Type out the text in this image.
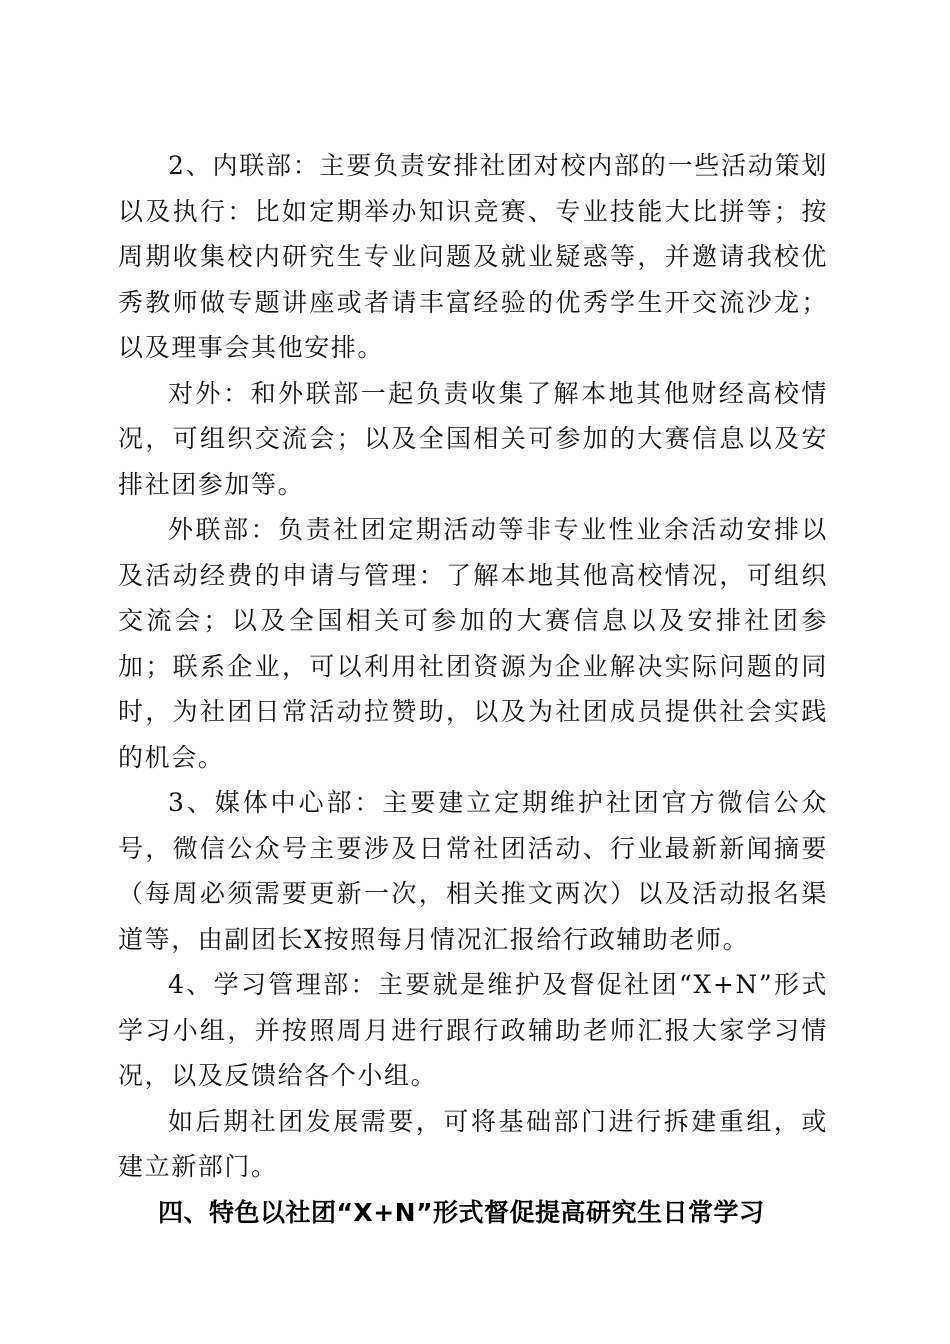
2、内联部：主要负责安排社团对校内部的一些活动策划以及执行：比如定期举办知识竞赛、专业技能大比拼等；按周期收集校内研究生专业问题及就业疑惑等，并邀请我校优秀教师做专题讲座或者请丰富经验的优秀学生开交流沙龙；以及理事会其他安排。

对外：和外联部一起负责收集了解本地其他财经高校情况，可组织交流会；以及全国相关可参加的大赛信息以及安排社团参加等。

外联部：负责社团定期活动等非专业性业余活动安排以及活动经费的申请与管理：了解本地其他高校情况，可组织交流会；以及全国相关可参加的大赛信息以及安排社团参加；联系企业，可以利用社团资源为企业解决实际问题的同时，为社团日常活动拉赞助，以及为社团成员提供社会实践的机会。

3、媒体中心部：主要建立定期维护社团官方微信公众号，微信公众号主要涉及日常社团活动、行业最新新闻摘要（每周必须需要更新一次，相关推文两次）以及活动报名渠道等，由副团长X按照每月情况汇报给行政辅助老师。

4、学习管理部：主要就是维护及督促社团“X+N”形式学习小组，并按照周月进行跟行政辅助老师汇报大家学习情况，以及反馈给各个小组。

如后期社团发展需要，可将基础部门进行拆建重组，或建立新部门。

四、特色以社团“X+N”形式督促提高研究生日常学习
